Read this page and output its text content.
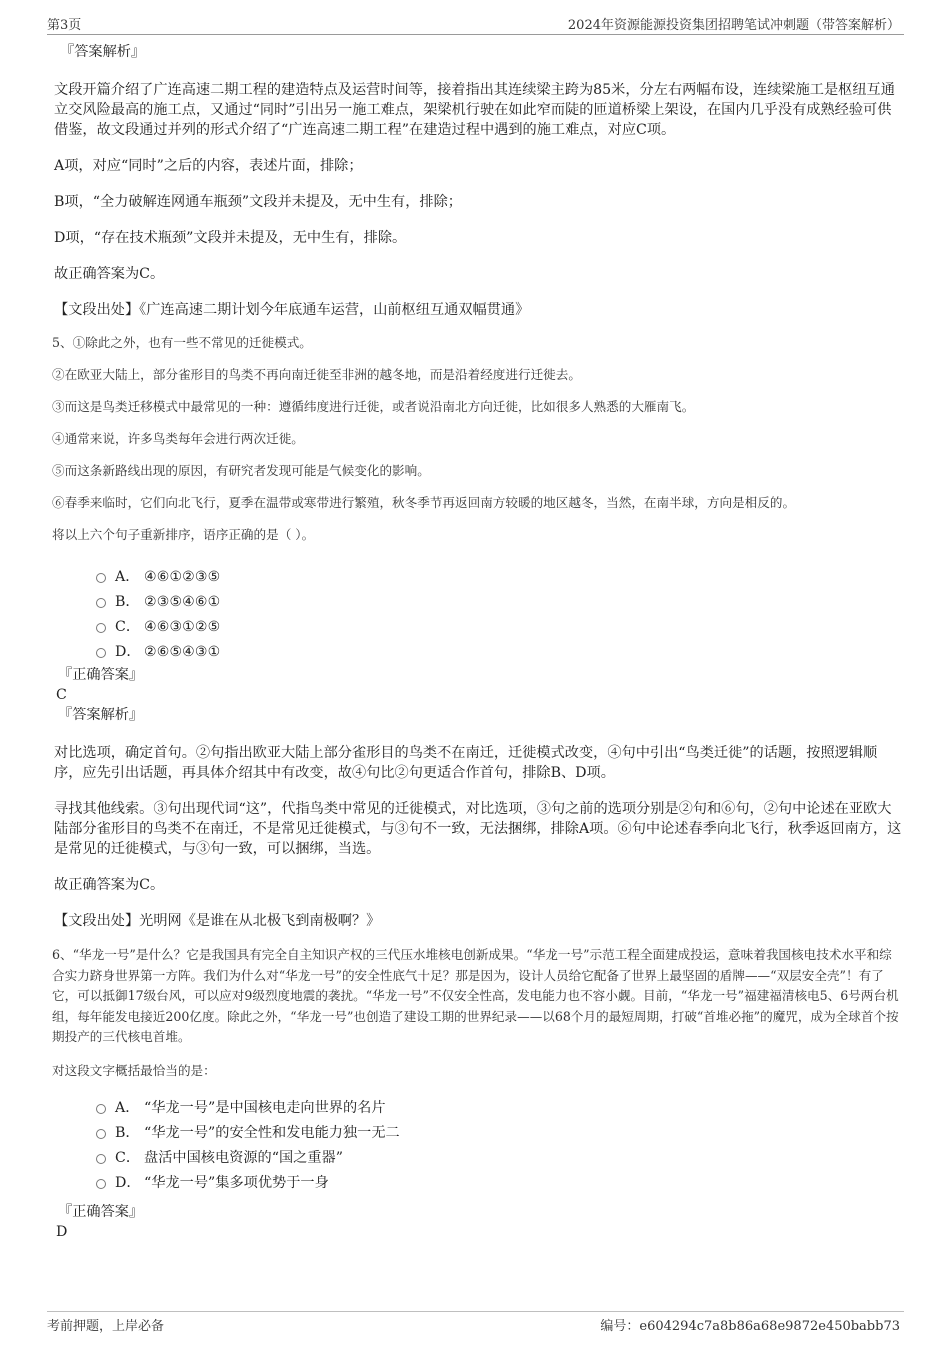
第3页	2024年资源能源投资集团招聘笔试冲刺题（带答案解析）

『答案解析』

文段开篇介绍了广连高速二期工程的建造特点及运营时间等，接着指出其连续梁主跨为85米，分左右两幅布设，连续梁施工是枢纽互通立交风险最高的施工点，又通过“同时”引出另一施工难点，架梁机行驶在如此窄而陡的匝道桥梁上架设，在国内几乎没有成熟经验可供借鉴，故文段通过并列的形式介绍了“广连高速二期工程”在建造过程中遇到的施工难点，对应C项。

A项，对应“同时”之后的内容，表述片面，排除；

B项，“全力破解连网通车瓶颈”文段并未提及，无中生有，排除；

D项，“存在技术瓶颈”文段并未提及，无中生有，排除。

故正确答案为C。

【文段出处】《广连高速二期计划今年底通车运营，山前枢纽互通双幅贯通》

5、①除此之外，也有一些不常见的迁徙模式。

②在欧亚大陆上，部分雀形目的鸟类不再向南迁徙至非洲的越冬地，而是沿着经度进行迁徙去。

③而这是鸟类迁移模式中最常见的一种：遵循纬度进行迁徙，或者说沿南北方向迁徙，比如很多人熟悉的大雁南飞。

④通常来说，许多鸟类每年会进行两次迁徙。

⑤而这条新路线出现的原因，有研究者发现可能是气候变化的影响。

⑥春季来临时，它们向北飞行，夏季在温带或寒带进行繁殖，秋冬季节再返回南方较暖的地区越冬，当然，在南半球，方向是相反的。

将以上六个句子重新排序，语序正确的是（ ）。

A． ④⑥①②③⑤
B． ②③⑤④⑥①
C． ④⑥③①②⑤
D． ②⑥⑤④③①

『正确答案』

C

『答案解析』

对比选项，确定首句。②句指出欧亚大陆上部分雀形目的鸟类不在南迁，迁徙模式改变，④句中引出“鸟类迁徙”的话题，按照逻辑顺序，应先引出话题，再具体介绍其中有改变，故④句比②句更适合作首句，排除B、D项。

寻找其他线索。③句出现代词“这”，代指鸟类中常见的迁徙模式，对比选项，③句之前的选项分别是②句和⑥句，②句中论述在亚欧大陆部分雀形目的鸟类不在南迁，不是常见迁徙模式，与③句不一致，无法捆绑，排除A项。⑥句中论述春季向北飞行，秋季返回南方，这是常见的迁徙模式，与③句一致，可以捆绑，当选。

故正确答案为C。

【文段出处】光明网《是谁在从北极飞到南极啊？》

6、“华龙一号”是什么？它是我国具有完全自主知识产权的三代压水堆核电创新成果。“华龙一号”示范工程全面建成投运，意味着我国核电技术水平和综合实力跻身世界第一方阵。我们为什么对“华龙一号”的安全性底气十足？那是因为，设计人员给它配备了世界上最坚固的盾牌——“双层安全壳”！有了它，可以抵御17级台风，可以应对9级烈度地震的袭扰。“华龙一号”不仅安全性高，发电能力也不容小觑。目前，“华龙一号”福建福清核电5、6号两台机组，每年能发电接近200亿度。除此之外，“华龙一号”也创造了建设工期的世界纪录——以68个月的最短周期，打破“首堆必拖”的魔咒，成为全球首个按期投产的三代核电首堆。

对这段文字概括最恰当的是：

A． “华龙一号”是中国核电走向世界的名片
B． “华龙一号”的安全性和发电能力独一无二
C． 盘活中国核电资源的“国之重器”
D． “华龙一号”集多项优势于一身

『正确答案』

D

考前押题，上岸必备	编号：e604294c7a8b86a68e9872e450babb73
